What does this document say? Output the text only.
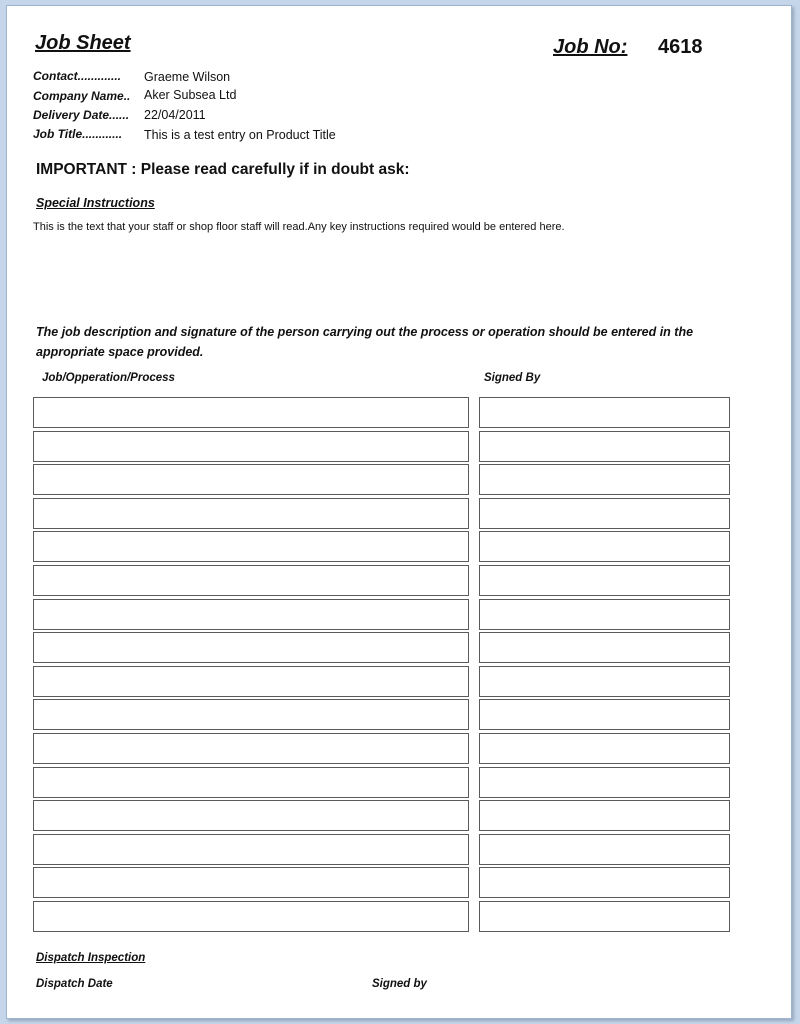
Job Sheet	Job No: 4618
Contact............. Graeme Wilson
Company Name.. Aker Subsea Ltd
Delivery Date...... 22/04/2011
Job Title............ This is a test entry on Product Title
IMPORTANT : Please read carefully if in doubt ask:
Special Instructions
This is the text that your staff or shop floor staff will read.Any key instructions required would be entered here.
The job description and signature of the person carrying out the process or operation should be entered in the appropriate space provided.
Job/Opperation/Process	Signed By
Dispatch Inspection
Dispatch Date	Signed by
